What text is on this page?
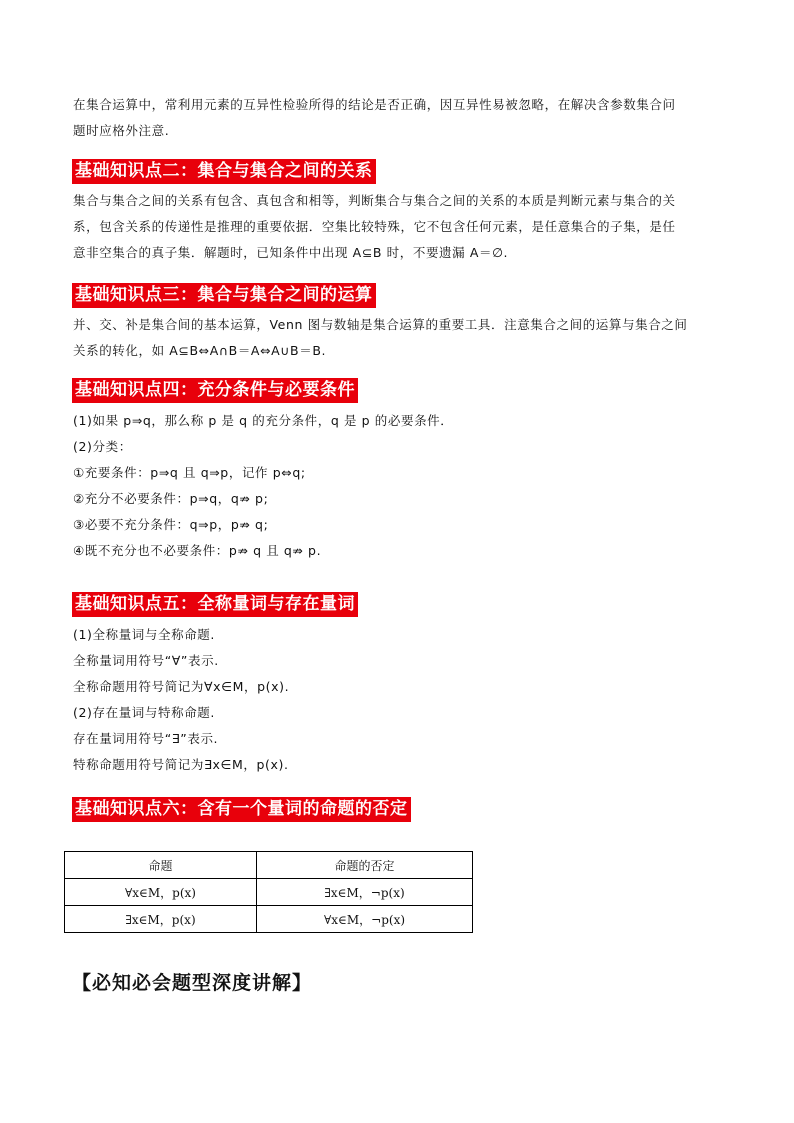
在集合运算中，常利用元素的互异性检验所得的结论是否正确，因互异性易被忽略，在解决含参数集合问
题时应格外注意.
基础知识点二：集合与集合之间的关系
集合与集合之间的关系有包含、真包含和相等，判断集合与集合之间的关系的本质是判断元素与集合的关
系，包含关系的传递性是推理的重要依据．空集比较特殊，它不包含任何元素，是任意集合的子集，是任
意非空集合的真子集．解题时，已知条件中出现 A⊆B 时，不要遗漏 A＝∅.
基础知识点三：集合与集合之间的运算
并、交、补是集合间的基本运算，Venn 图与数轴是集合运算的重要工具．注意集合之间的运算与集合之间
关系的转化，如 A⊆B⇔A∩B＝A⇔A∪B＝B.
基础知识点四：充分条件与必要条件
(1)如果 p⇒q，那么称 p 是 q 的充分条件，q 是 p 的必要条件．
(2)分类：
①充要条件：p⇒q 且 q⇒p，记作 p⇔q;
②充分不必要条件：p⇒q，q⇏ p;
③必要不充分条件：q⇒p，p⇏ q;
④既不充分也不必要条件：p⇏ q 且 q⇏ p.
基础知识点五：全称量词与存在量词
(1)全称量词与全称命题.
全称量词用符号“∀”表示.
全称命题用符号简记为∀x∈M，p(x).
(2)存在量词与特称命题.
存在量词用符号“∃”表示.
特称命题用符号简记为∃x∈M，p(x).
基础知识点六：含有一个量词的命题的否定
命题	命题的否定
∀x∈M，p(x)	∃x∈M，¬p(x)
∃x∈M，p(x)	∀x∈M，¬p(x)
【必知必会题型深度讲解】
